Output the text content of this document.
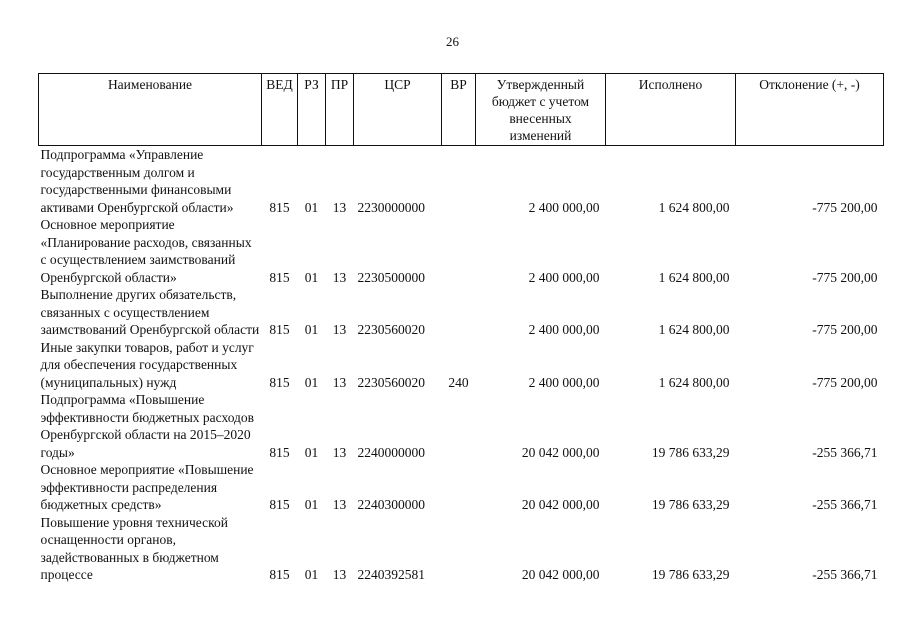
26
Наименование	ВЕД	РЗ	ПР	ЦСР	ВР	Утвержденный бюджет с учетом внесенных изменений	Исполнено	Отклонение (+, -)
Подпрограмма «Управление государственным долгом и государственными финансовыми активами Оренбургской области»	815	01	13	2230000000		2 400 000,00	1 624 800,00	-775 200,00
Основное мероприятие «Планирование расходов, связанных с осуществлением заимствований Оренбургской области»	815	01	13	2230500000		2 400 000,00	1 624 800,00	-775 200,00
Выполнение других обязательств, связанных с осуществлением заимствований Оренбургской области	815	01	13	2230560020		2 400 000,00	1 624 800,00	-775 200,00
Иные закупки товаров, работ и услуг для обеспечения государственных (муниципальных) нужд	815	01	13	2230560020	240	2 400 000,00	1 624 800,00	-775 200,00
Подпрограмма «Повышение эффективности бюджетных расходов Оренбургской области на 2015–2020 годы»	815	01	13	2240000000		20 042 000,00	19 786 633,29	-255 366,71
Основное мероприятие «Повышение эффективности распределения бюджетных средств»	815	01	13	2240300000		20 042 000,00	19 786 633,29	-255 366,71
Повышение уровня технической оснащенности органов, задействованных в бюджетном процессе	815	01	13	2240392581		20 042 000,00	19 786 633,29	-255 366,71
